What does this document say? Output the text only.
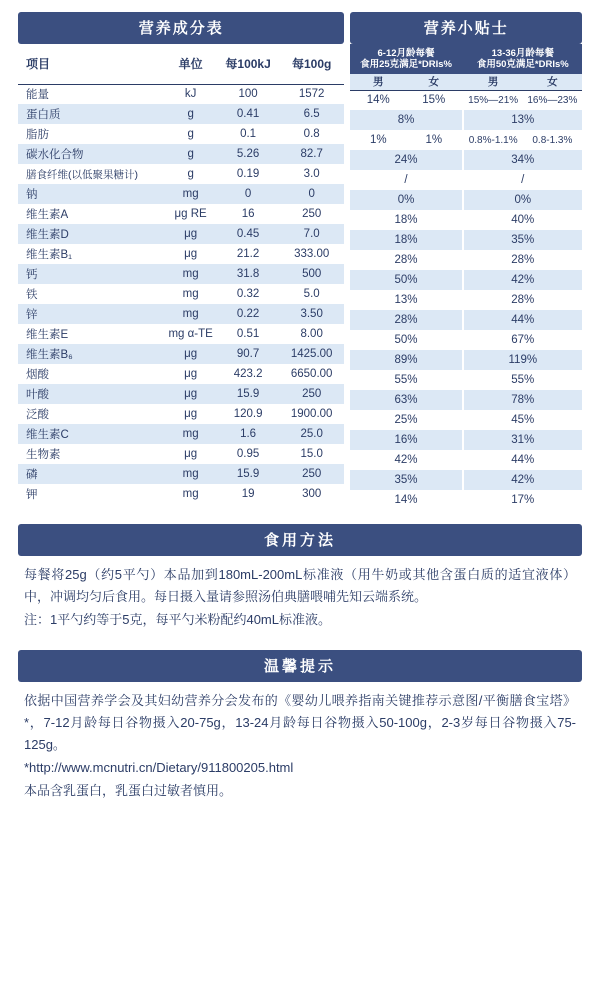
营养成分表
项目	单位	每100kJ	每100g
能量	kJ	100	1572
蛋白质	g	0.41	6.5
脂肪	g	0.1	0.8
碳水化合物	g	5.26	82.7
膳食纤维(以低聚果糖计)	g	0.19	3.0
钠	mg	0	0
维生素A	μg RE	16	250
维生素D	μg	0.45	7.0
维生素B₁	μg	21.2	333.00
钙	mg	31.8	500
铁	mg	0.32	5.0
锌	mg	0.22	3.50
维生素E	mg α-TE	0.51	8.00
维生素B₆	μg	90.7	1425.00
烟酸	μg	423.2	6650.00
叶酸	μg	15.9	250
泛酸	μg	120.9	1900.00
维生素C	mg	1.6	25.0
生物素	μg	0.95	15.0
磷	mg	15.9	250
钾	mg	19	300
营养小贴士
6-12月龄每餐
食用25克满足*DRIs%

13-36月龄每餐
食用50克满足*DRIs%

男	女		男	女
14%	15%		15%—21%	16%—23%
8%			13%	
1%	1%		0.8%-1.1%	0.8-1.3%
24%			34%	
/			/	
0%			0%	
18%			40%	
18%			35%	
28%			28%	
50%			42%	
13%			28%	
28%			44%	
50%			67%	
89%			119%	
55%			55%	
63%			78%	
25%			45%	
16%			31%	
42%			44%	
35%			42%	
14%			17%	
食用方法

每餐将25g（约5平勺）本品加到180mL-200mL标准液（用牛奶或其他含蛋白质的适宜液体）中，冲调均匀后食用。每日摄入量请参照汤伯典膳喂哺先知云端系统。

注：1平勺约等于5克，每平勺米粉配约40mL标准液。

温馨提示

依据中国营养学会及其妇幼营养分会发布的《婴幼儿喂养指南关键推荐示意图/平衡膳食宝塔》*，7-12月龄每日谷物摄入20-75g，13-24月龄每日谷物摄入50-100g，2-3岁每日谷物摄入75-125g。

*http://www.mcnutri.cn/Dietary/911800205.html

本品含乳蛋白，乳蛋白过敏者慎用。
